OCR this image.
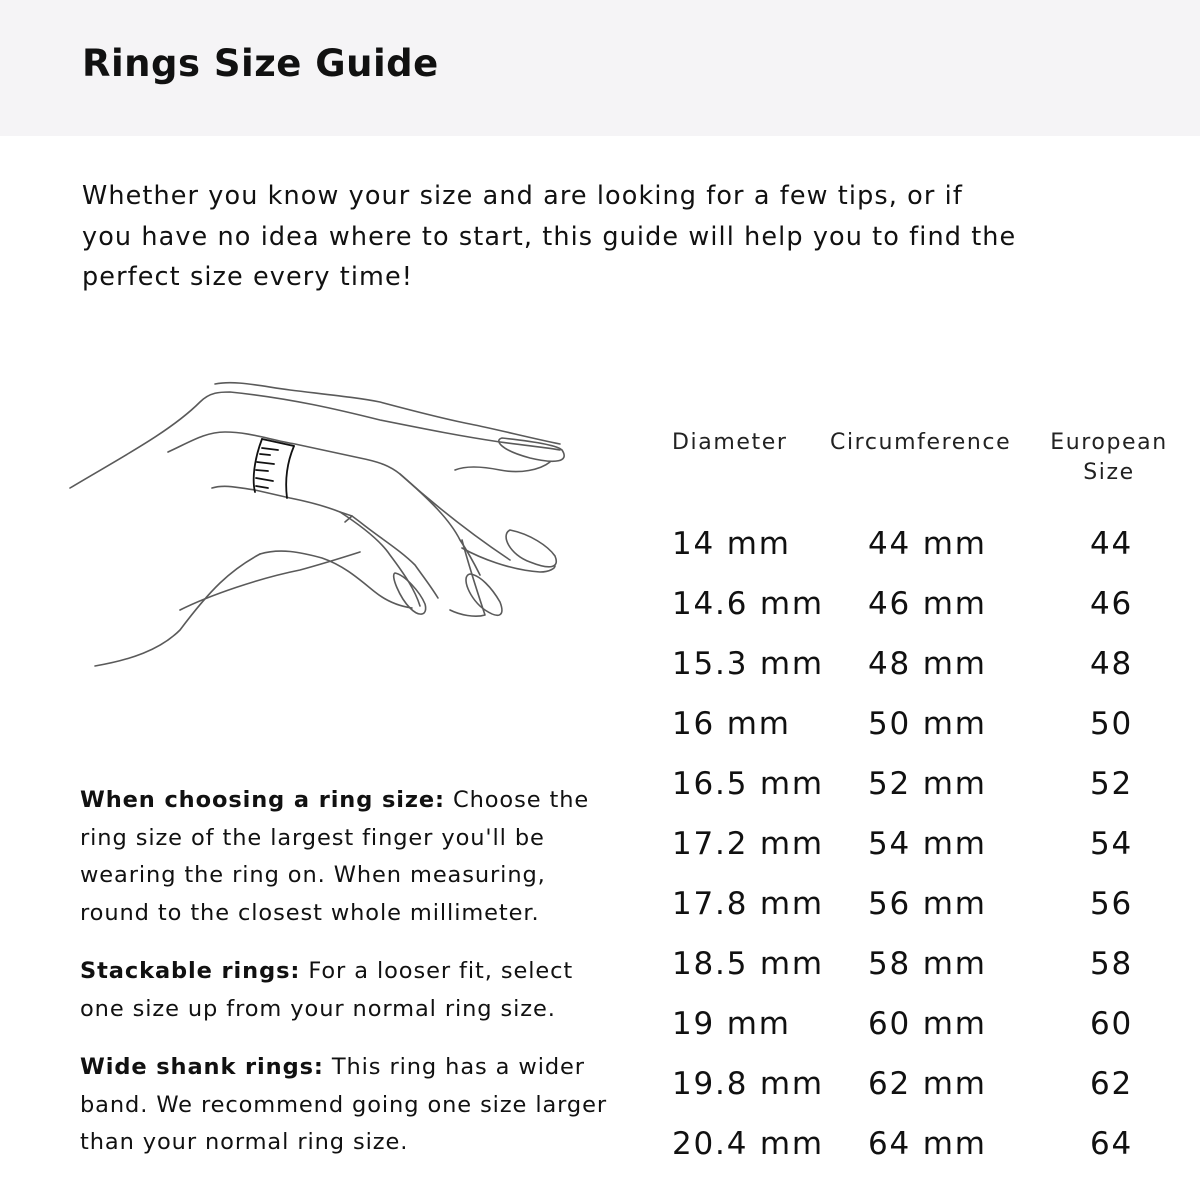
Rings Size Guide

Whether you know your size and are looking for a few tips, or if you have no idea where to start, this guide will help you to find the perfect size every time!

When choosing a ring size: Choose the ring size of the largest finger you'll be wearing the ring on. When measuring, round to the closest whole millimeter.

Stackable rings: For a looser fit, select one size up from your normal ring size.

Wide shank rings: This ring has a wider band. We recommend going one size larger than your normal ring size.

Diameter Circumference European
Size
14 mm 44 mm	44
14.6 mm 46 mm	46
15.3 mm 48 mm	48
16 mm 50 mm	50
16.5 mm 52 mm	52
17.2 mm 54 mm	54
17.8 mm 56 mm	56
18.5 mm 58 mm	58
19 mm 60 mm	60
19.8 mm 62 mm	62
20.4 mm 64 mm	64
